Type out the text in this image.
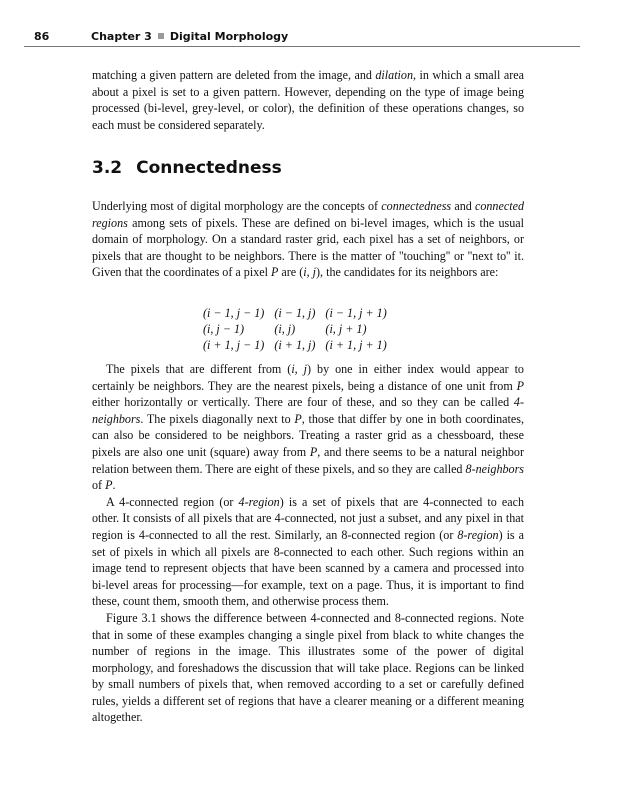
86	Chapter 3 Digital Morphology

matching a given pattern are deleted from the image, and dilation, in which a small area about a pixel is set to a given pattern. However, depending on the type of image being processed (bi-level, grey-level, or color), the definition of these operations changes, so each must be considered separately.

3.2 Connectedness

Underlying most of digital morphology are the concepts of connectedness and connected regions among sets of pixels. These are defined on bi-level images, which is the usual domain of morphology. On a standard raster grid, each pixel has a set of neighbors, or pixels that are thought to be neighbors. There is the matter of ''touching'' or ''next to'' it. Given that the coordinates of a pixel P are (i, j), the candidates for its neighbors are:

(i − 1, j − 1)	(i − 1, j)	(i − 1, j + 1)
(i, j − 1)	(i, j)	(i, j + 1)
(i + 1, j − 1)	(i + 1, j)	(i + 1, j + 1)

The pixels that are different from (i, j) by one in either index would appear to certainly be neighbors. They are the nearest pixels, being a distance of one unit from P either horizontally or vertically. There are four of these, and so they can be called 4-neighbors. The pixels diagonally next to P, those that differ by one in both coordinates, can also be considered to be neighbors. Treating a raster grid as a chessboard, these pixels are also one unit (square) away from P, and there seems to be a natural neighbor relation between them. There are eight of these pixels, and so they are called 8-neighbors of P.

A 4-connected region (or 4-region) is a set of pixels that are 4-connected to each other. It consists of all pixels that are 4-connected, not just a subset, and any pixel in that region is 4-connected to all the rest. Similarly, an 8-connected region (or 8-region) is a set of pixels in which all pixels are 8-connected to each other. Such regions within an image tend to represent objects that have been scanned by a camera and processed into bi-level areas for processing—for example, text on a page. Thus, it is important to find these, count them, smooth them, and otherwise process them.

Figure 3.1 shows the difference between 4-connected and 8-connected regions. Note that in some of these examples changing a single pixel from black to white changes the number of regions in the image. This illustrates some of the power of digital morphology, and foreshadows the discussion that will take place. Regions can be linked by small numbers of pixels that, when removed according to a set or carefully defined rules, yields a different set of regions that have a clearer meaning or a different meaning altogether.
